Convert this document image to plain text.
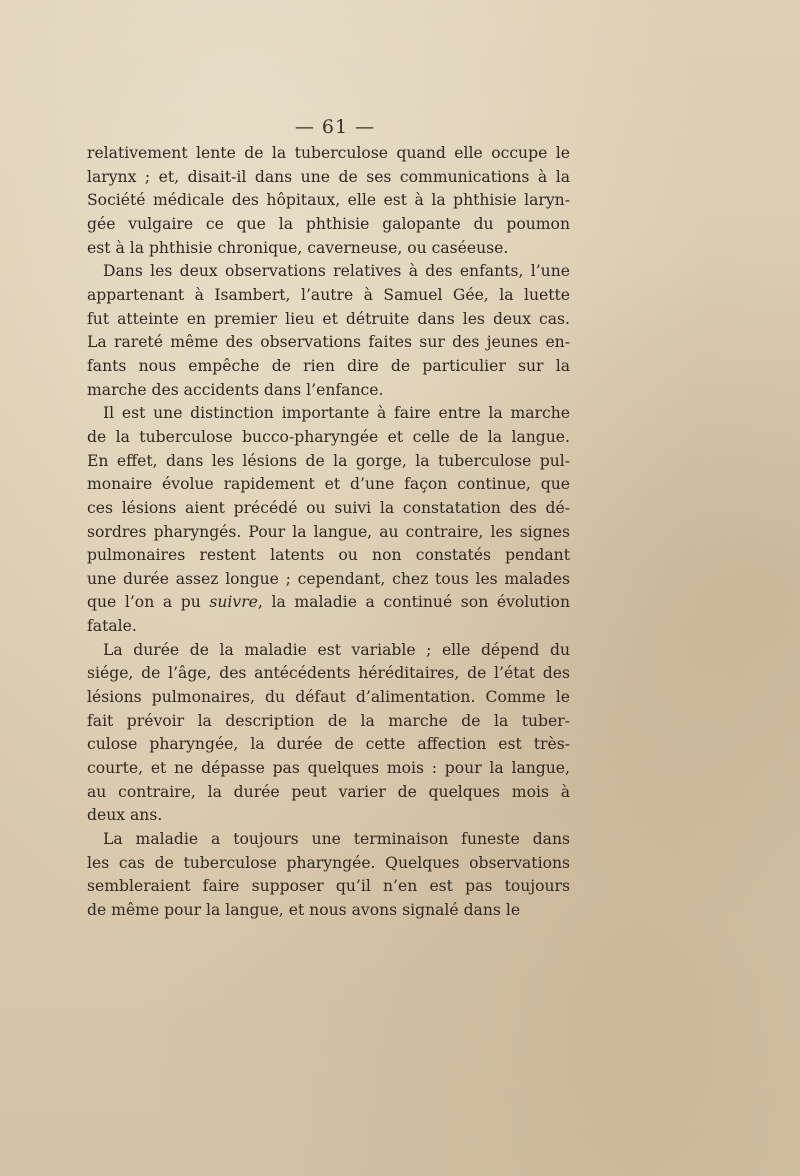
— 61 —

relativement lente de la tuberculose quand elle occupe le

larynx ; et, disait-il dans une de ses communications à la

Société médicale des hôpitaux, elle est à la phthisie laryn-

gée vulgaire ce que la phthisie galopante du poumon

est à la phthisie chronique, caverneuse, ou caséeuse.

Dans les deux observations relatives à des enfants, l’une

appartenant à Isambert, l’autre à Samuel Gée, la luette

fut atteinte en premier lieu et détruite dans les deux cas.

La rareté même des observations faites sur des jeunes en-

fants nous empêche de rien dire de particulier sur la

marche des accidents dans l’enfance.

Il est une distinction importante à faire entre la marche

de la tuberculose bucco-pharyngée et celle de la langue.

En effet, dans les lésions de la gorge, la tuberculose pul-

monaire évolue rapidement et d’une façon continue, que

ces lésions aient précédé ou suivi la constatation des dé-

sordres pharyngés. Pour la langue, au contraire, les signes

pulmonaires restent latents ou non constatés pendant

une durée assez longue ; cependant, chez tous les malades

que l’on a pu suivre, la maladie a continué son évolution

fatale.

La durée de la maladie est variable ; elle dépend du

siége, de l’âge, des antécédents héréditaires, de l’état des

lésions pulmonaires, du défaut d’alimentation. Comme le

fait prévoir la description de la marche de la tuber-

culose pharyngée, la durée de cette affection est très-

courte, et ne dépasse pas quelques mois : pour la langue,

au contraire, la durée peut varier de quelques mois à

deux ans.

La maladie a toujours une terminaison funeste dans

les cas de tuberculose pharyngée. Quelques observations

sembleraient faire supposer qu’il n’en est pas toujours

de même pour la langue, et nous avons signalé dans le
